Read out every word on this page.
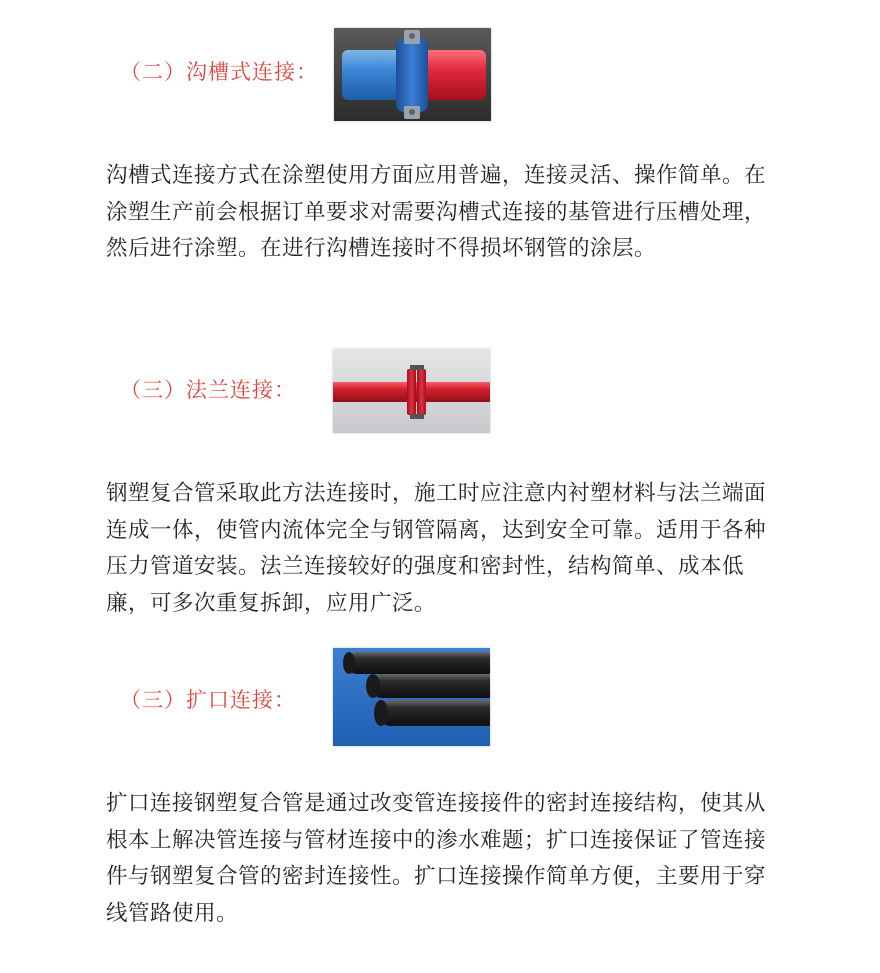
（二）沟槽式连接：

沟槽式连接方式在涂塑使用方面应用普遍，连接灵活、操作简单。在涂塑生产前会根据订单要求对需要沟槽式连接的基管进行压槽处理，然后进行涂塑。在进行沟槽连接时不得损坏钢管的涂层。

（三）法兰连接：

钢塑复合管采取此方法连接时，施工时应注意内衬塑材料与法兰端面连成一体，使管内流体完全与钢管隔离，达到安全可靠。适用于各种压力管道安装。法兰连接较好的强度和密封性，结构简单、成本低廉，可多次重复拆卸，应用广泛。

（三）扩口连接：

扩口连接钢塑复合管是通过改变管连接接件的密封连接结构，使其从根本上解决管连接与管材连接中的渗水难题；扩口连接保证了管连接件与钢塑复合管的密封连接性。扩口连接操作简单方便，主要用于穿线管路使用。
